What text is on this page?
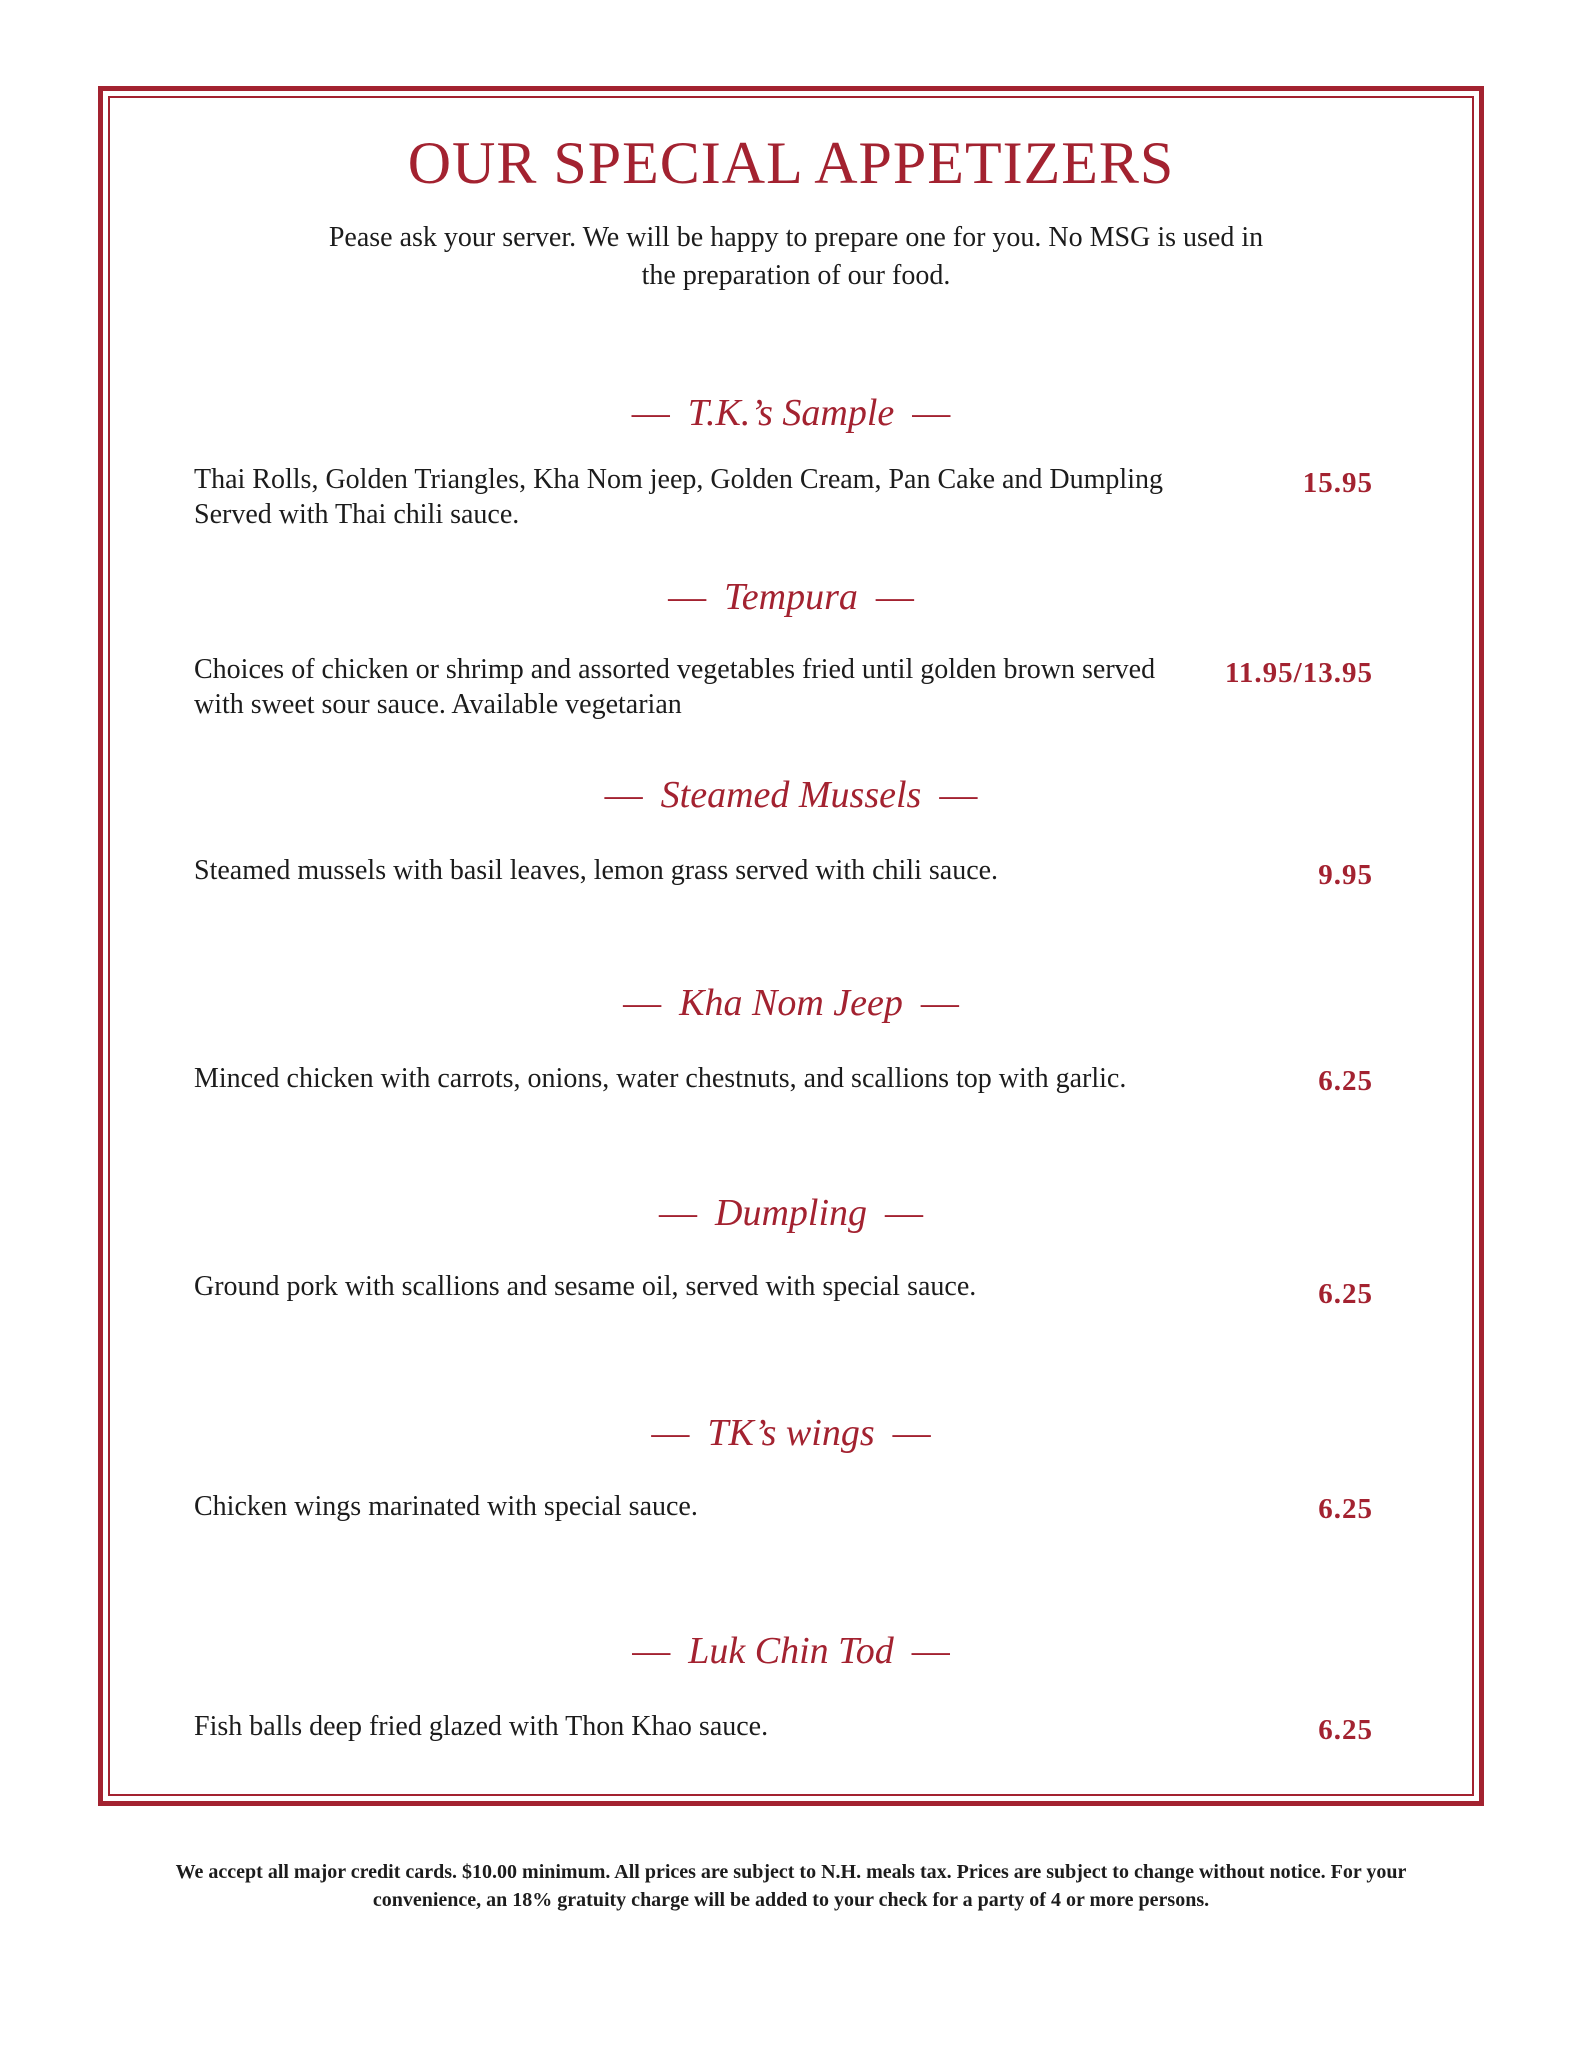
OUR SPECIAL APPETIZERS
Pease ask your server. We will be happy to prepare one for you. No MSG is used in the preparation of our food.
— T.K.’s Sample —
Thai Rolls, Golden Triangles, Kha Nom jeep, Golden Cream, Pan Cake and Dumpling Served with Thai chili sauce.
15.95
— Tempura —
Choices of chicken or shrimp and assorted vegetables fried until golden brown served with sweet sour sauce. Available vegetarian
11.95/13.95
— Steamed Mussels —
Steamed mussels with basil leaves, lemon grass served with chili sauce.	9.95
— Kha Nom Jeep —
Minced chicken with carrots, onions, water chestnuts, and scallions top with garlic.	6.25
— Dumpling —
Ground pork with scallions and sesame oil, served with special sauce.	6.25
— TK’s wings —
Chicken wings marinated with special sauce.	6.25
— Luk Chin Tod —
Fish balls deep fried glazed with Thon Khao sauce.	6.25
We accept all major credit cards. $10.00 minimum. All prices are subject to N.H. meals tax. Prices are subject to change without notice. For your convenience, an 18% gratuity charge will be added to your check for a party of 4 or more persons.
